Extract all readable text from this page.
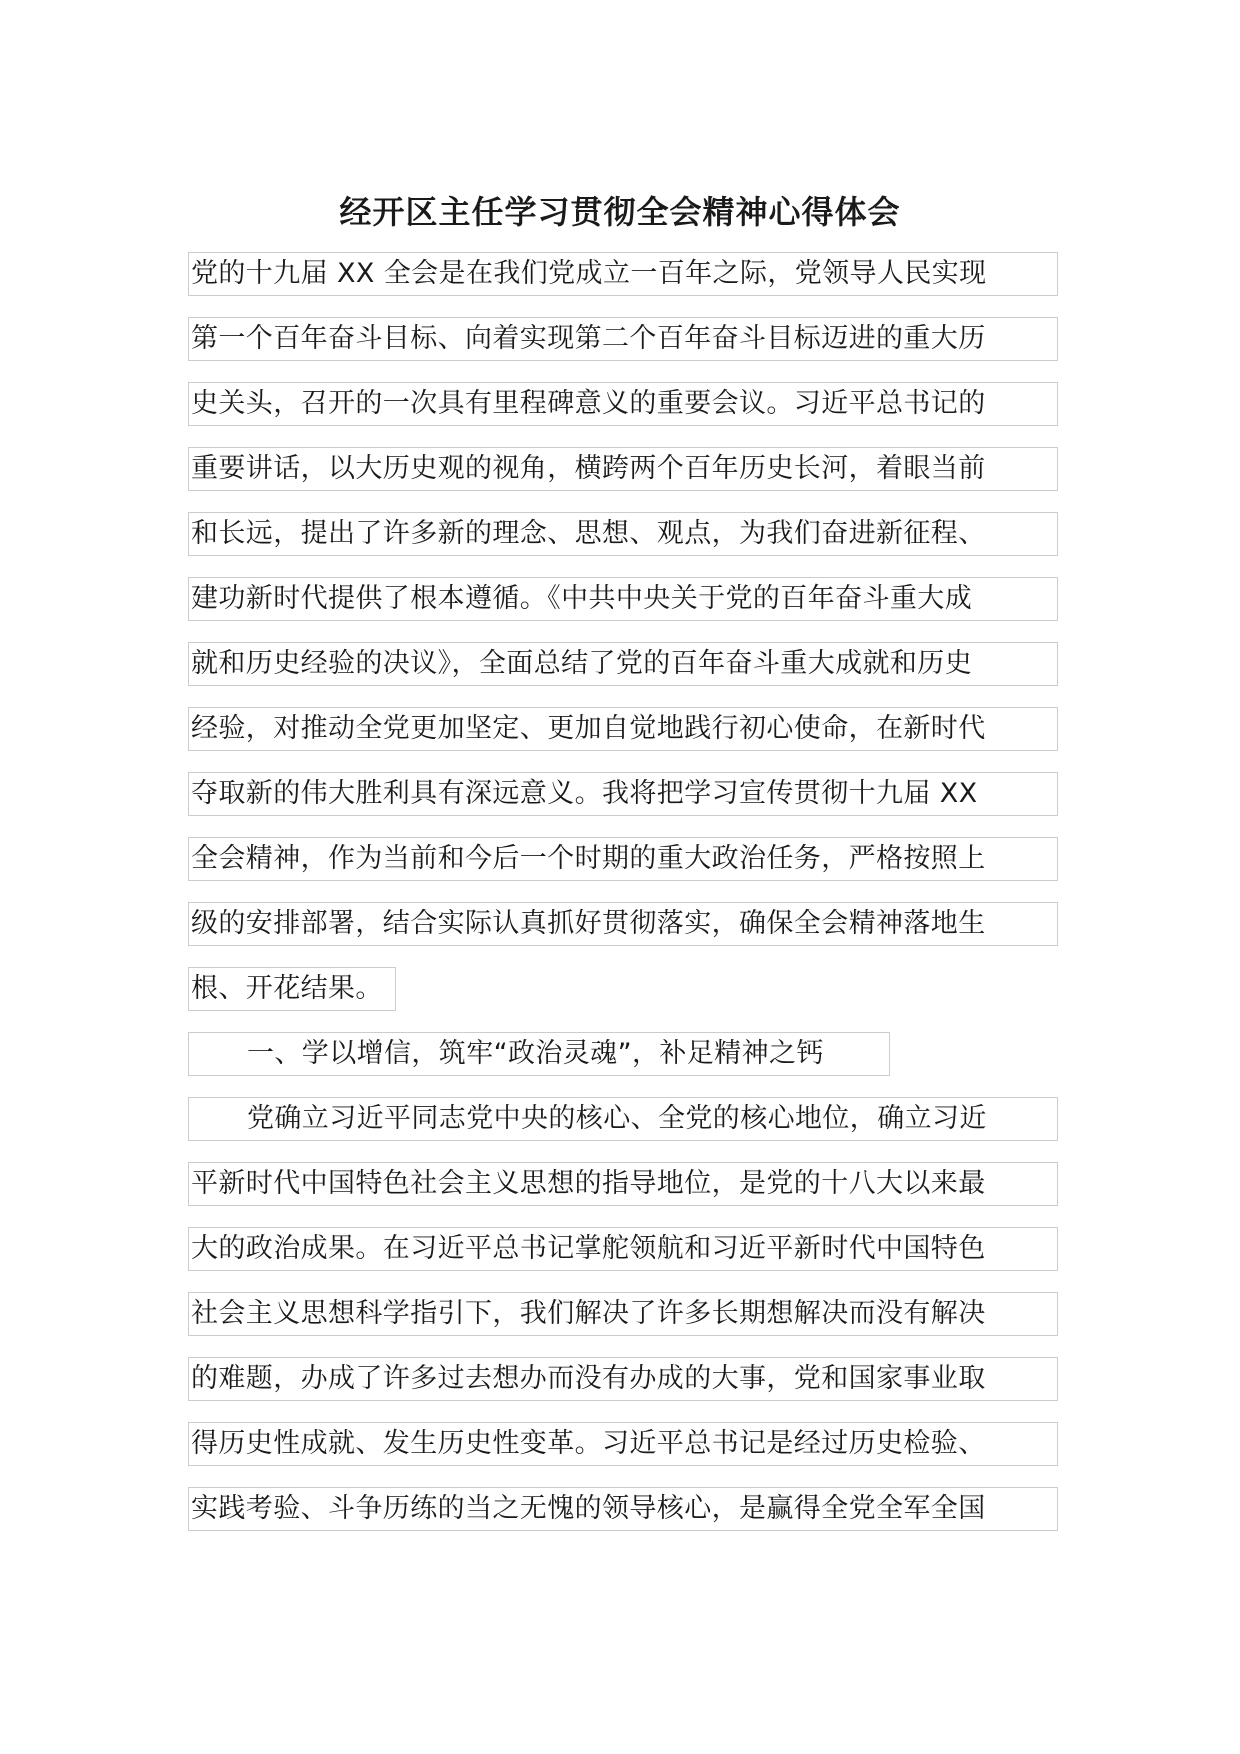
经开区主任学习贯彻全会精神心得体会
党的十九届 XX 全会是在我们党成立一百年之际，党领导人民实现
第一个百年奋斗目标、向着实现第二个百年奋斗目标迈进的重大历
史关头，召开的一次具有里程碑意义的重要会议。习近平总书记的
重要讲话，以大历史观的视角，横跨两个百年历史长河，着眼当前
和长远，提出了许多新的理念、思想、观点，为我们奋进新征程、
建功新时代提供了根本遵循。《中共中央关于党的百年奋斗重大成
就和历史经验的决议》，全面总结了党的百年奋斗重大成就和历史
经验，对推动全党更加坚定、更加自觉地践行初心使命，在新时代
夺取新的伟大胜利具有深远意义。我将把学习宣传贯彻十九届 XX
全会精神，作为当前和今后一个时期的重大政治任务，严格按照上
级的安排部署，结合实际认真抓好贯彻落实，确保全会精神落地生
根、开花结果。
一、学以增信，筑牢“政治灵魂”，补足精神之钙
党确立习近平同志党中央的核心、全党的核心地位，确立习近
平新时代中国特色社会主义思想的指导地位，是党的十八大以来最
大的政治成果。在习近平总书记掌舵领航和习近平新时代中国特色
社会主义思想科学指引下，我们解决了许多长期想解决而没有解决
的难题，办成了许多过去想办而没有办成的大事，党和国家事业取
得历史性成就、发生历史性变革。习近平总书记是经过历史检验、
实践考验、斗争历练的当之无愧的领导核心，是赢得全党全军全国
